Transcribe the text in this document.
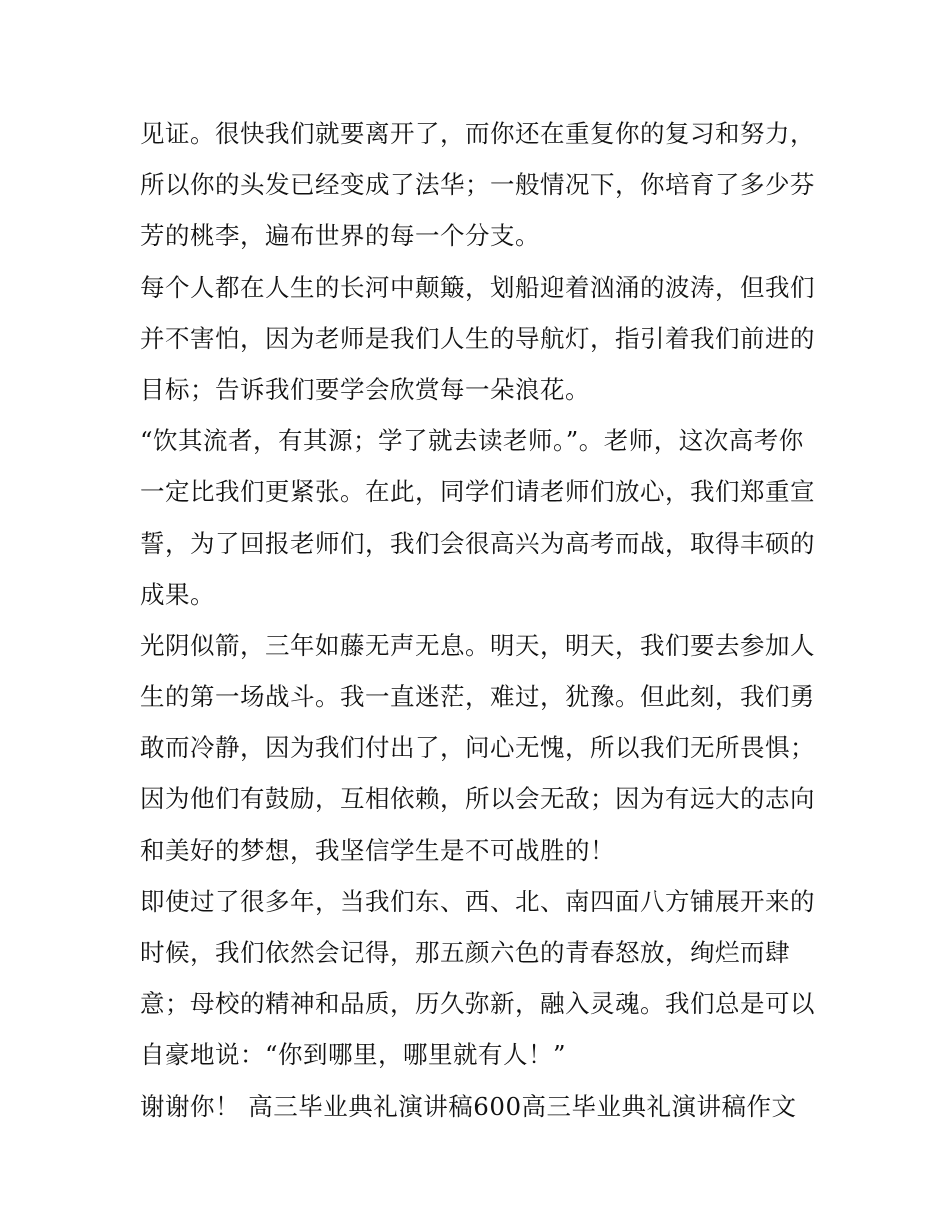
见证。很快我们就要离开了，而你还在重复你的复习和努力，
所以你的头发已经变成了法华；一般情况下，你培育了多少芬
芳的桃李，遍布世界的每一个分支。
每个人都在人生的长河中颠簸，划船迎着汹涌的波涛，但我们
并不害怕，因为老师是我们人生的导航灯，指引着我们前进的
目标；告诉我们要学会欣赏每一朵浪花。
“饮其流者，有其源；学了就去读老师。”。老师，这次高考你
一定比我们更紧张。在此，同学们请老师们放心，我们郑重宣
誓，为了回报老师们，我们会很高兴为高考而战，取得丰硕的
成果。
光阴似箭，三年如藤无声无息。明天，明天，我们要去参加人
生的第一场战斗。我一直迷茫，难过，犹豫。但此刻，我们勇
敢而冷静，因为我们付出了，问心无愧，所以我们无所畏惧；
因为他们有鼓励，互相依赖，所以会无敌；因为有远大的志向
和美好的梦想，我坚信学生是不可战胜的！
即使过了很多年，当我们东、西、北、南四面八方铺展开来的
时候，我们依然会记得，那五颜六色的青春怒放，绚烂而肆
意；母校的精神和品质，历久弥新，融入灵魂。我们总是可以
自豪地说：“你到哪里，哪里就有人！”
谢谢你！ 高三毕业典礼演讲稿600高三毕业典礼演讲稿作文
